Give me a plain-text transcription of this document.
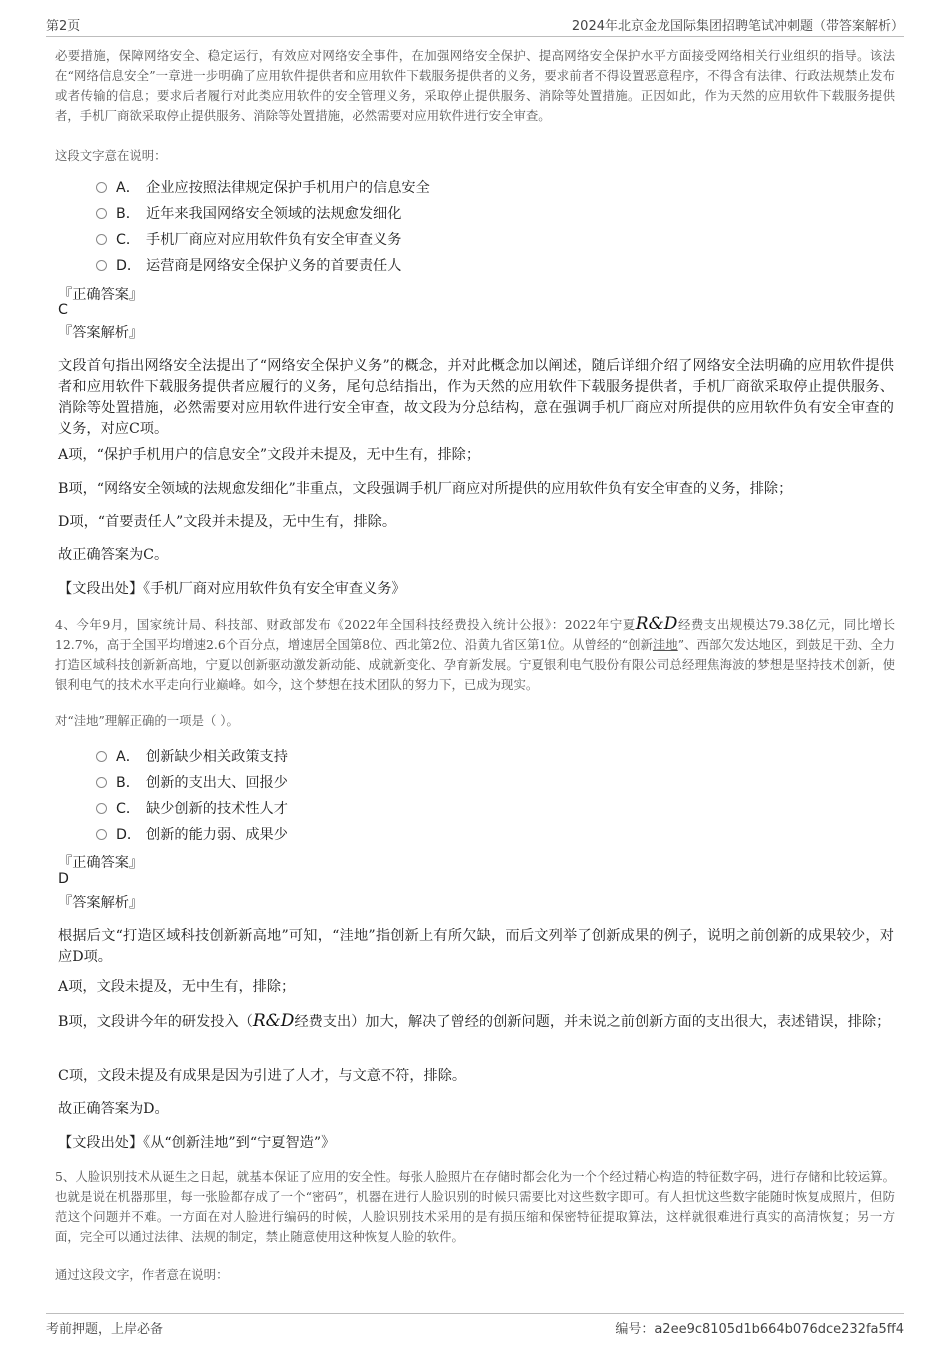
第2页	2024年北京金龙国际集团招聘笔试冲刺题（带答案解析）
必要措施，保障网络安全、稳定运行，有效应对网络安全事件，在加强网络安全保护、提高网络安全保护水平方面接受网络相关行业组织的指导。该法在“网络信息安全”一章进一步明确了应用软件提供者和应用软件下载服务提供者的义务，要求前者不得设置恶意程序，不得含有法律、行政法规禁止发布或者传输的信息；要求后者履行对此类应用软件的安全管理义务，采取停止提供服务、消除等处置措施。正因如此，作为天然的应用软件下载服务提供者，手机厂商欲采取停止提供服务、消除等处置措施，必然需要对应用软件进行安全审查。
这段文字意在说明：
A． 企业应按照法律规定保护手机用户的信息安全
B． 近年来我国网络安全领域的法规愈发细化
C． 手机厂商应对应用软件负有安全审查义务
D． 运营商是网络安全保护义务的首要责任人
『正确答案』
C
『答案解析』
文段首句指出网络安全法提出了“网络安全保护义务”的概念，并对此概念加以阐述，随后详细介绍了网络安全法明确的应用软件提供者和应用软件下载服务提供者应履行的义务，尾句总结指出，作为天然的应用软件下载服务提供者，手机厂商欲采取停止提供服务、消除等处置措施，必然需要对应用软件进行安全审查，故文段为分总结构，意在强调手机厂商应对所提供的应用软件负有安全审查的义务，对应C项。
A项，“保护手机用户的信息安全”文段并未提及，无中生有，排除；
B项，“网络安全领域的法规愈发细化”非重点，文段强调手机厂商应对所提供的应用软件负有安全审查的义务，排除；
D项，“首要责任人”文段并未提及，无中生有，排除。
故正确答案为C。
【文段出处】《手机厂商对应用软件负有安全审查义务》
4、今年9月，国家统计局、科技部、财政部发布《2022年全国科技经费投入统计公报》：2022年宁夏R&D经费支出规模达79.38亿元，同比增长12.7%，高于全国平均增速2.6个百分点，增速居全国第8位、西北第2位、沿黄九省区第1位。从曾经的“创新洼地”、西部欠发达地区，到鼓足干劲、全力打造区域科技创新新高地，宁夏以创新驱动激发新动能、成就新变化、孕育新发展。宁夏银利电气股份有限公司总经理焦海波的梦想是坚持技术创新，使银利电气的技术水平走向行业巅峰。如今，这个梦想在技术团队的努力下，已成为现实。
对“洼地”理解正确的一项是（ ）。
A． 创新缺少相关政策支持
B． 创新的支出大、回报少
C． 缺少创新的技术性人才
D． 创新的能力弱、成果少
『正确答案』
D
『答案解析』
根据后文“打造区域科技创新新高地”可知，“洼地”指创新上有所欠缺，而后文列举了创新成果的例子，说明之前创新的成果较少，对应D项。
A项，文段未提及，无中生有，排除；
B项，文段讲今年的研发投入（R&D经费支出）加大，解决了曾经的创新问题，并未说之前创新方面的支出很大，表述错误，排除；
C项，文段未提及有成果是因为引进了人才，与文意不符，排除。
故正确答案为D。
【文段出处】《从“创新洼地”到“宁夏智造”》
5、人脸识别技术从诞生之日起，就基本保证了应用的安全性。每张人脸照片在存储时都会化为一个个经过精心构造的特征数字码，进行存储和比较运算。也就是说在机器那里，每一张脸都存成了一个“密码”，机器在进行人脸识别的时候只需要比对这些数字即可。有人担忧这些数字能随时恢复成照片，但防范这个问题并不难。一方面在对人脸进行编码的时候，人脸识别技术采用的是有损压缩和保密特征提取算法，这样就很难进行真实的高清恢复；另一方面，完全可以通过法律、法规的制定，禁止随意使用这种恢复人脸的软件。
通过这段文字，作者意在说明：
考前押题，上岸必备	编号：a2ee9c8105d1b664b076dce232fa5ff4
